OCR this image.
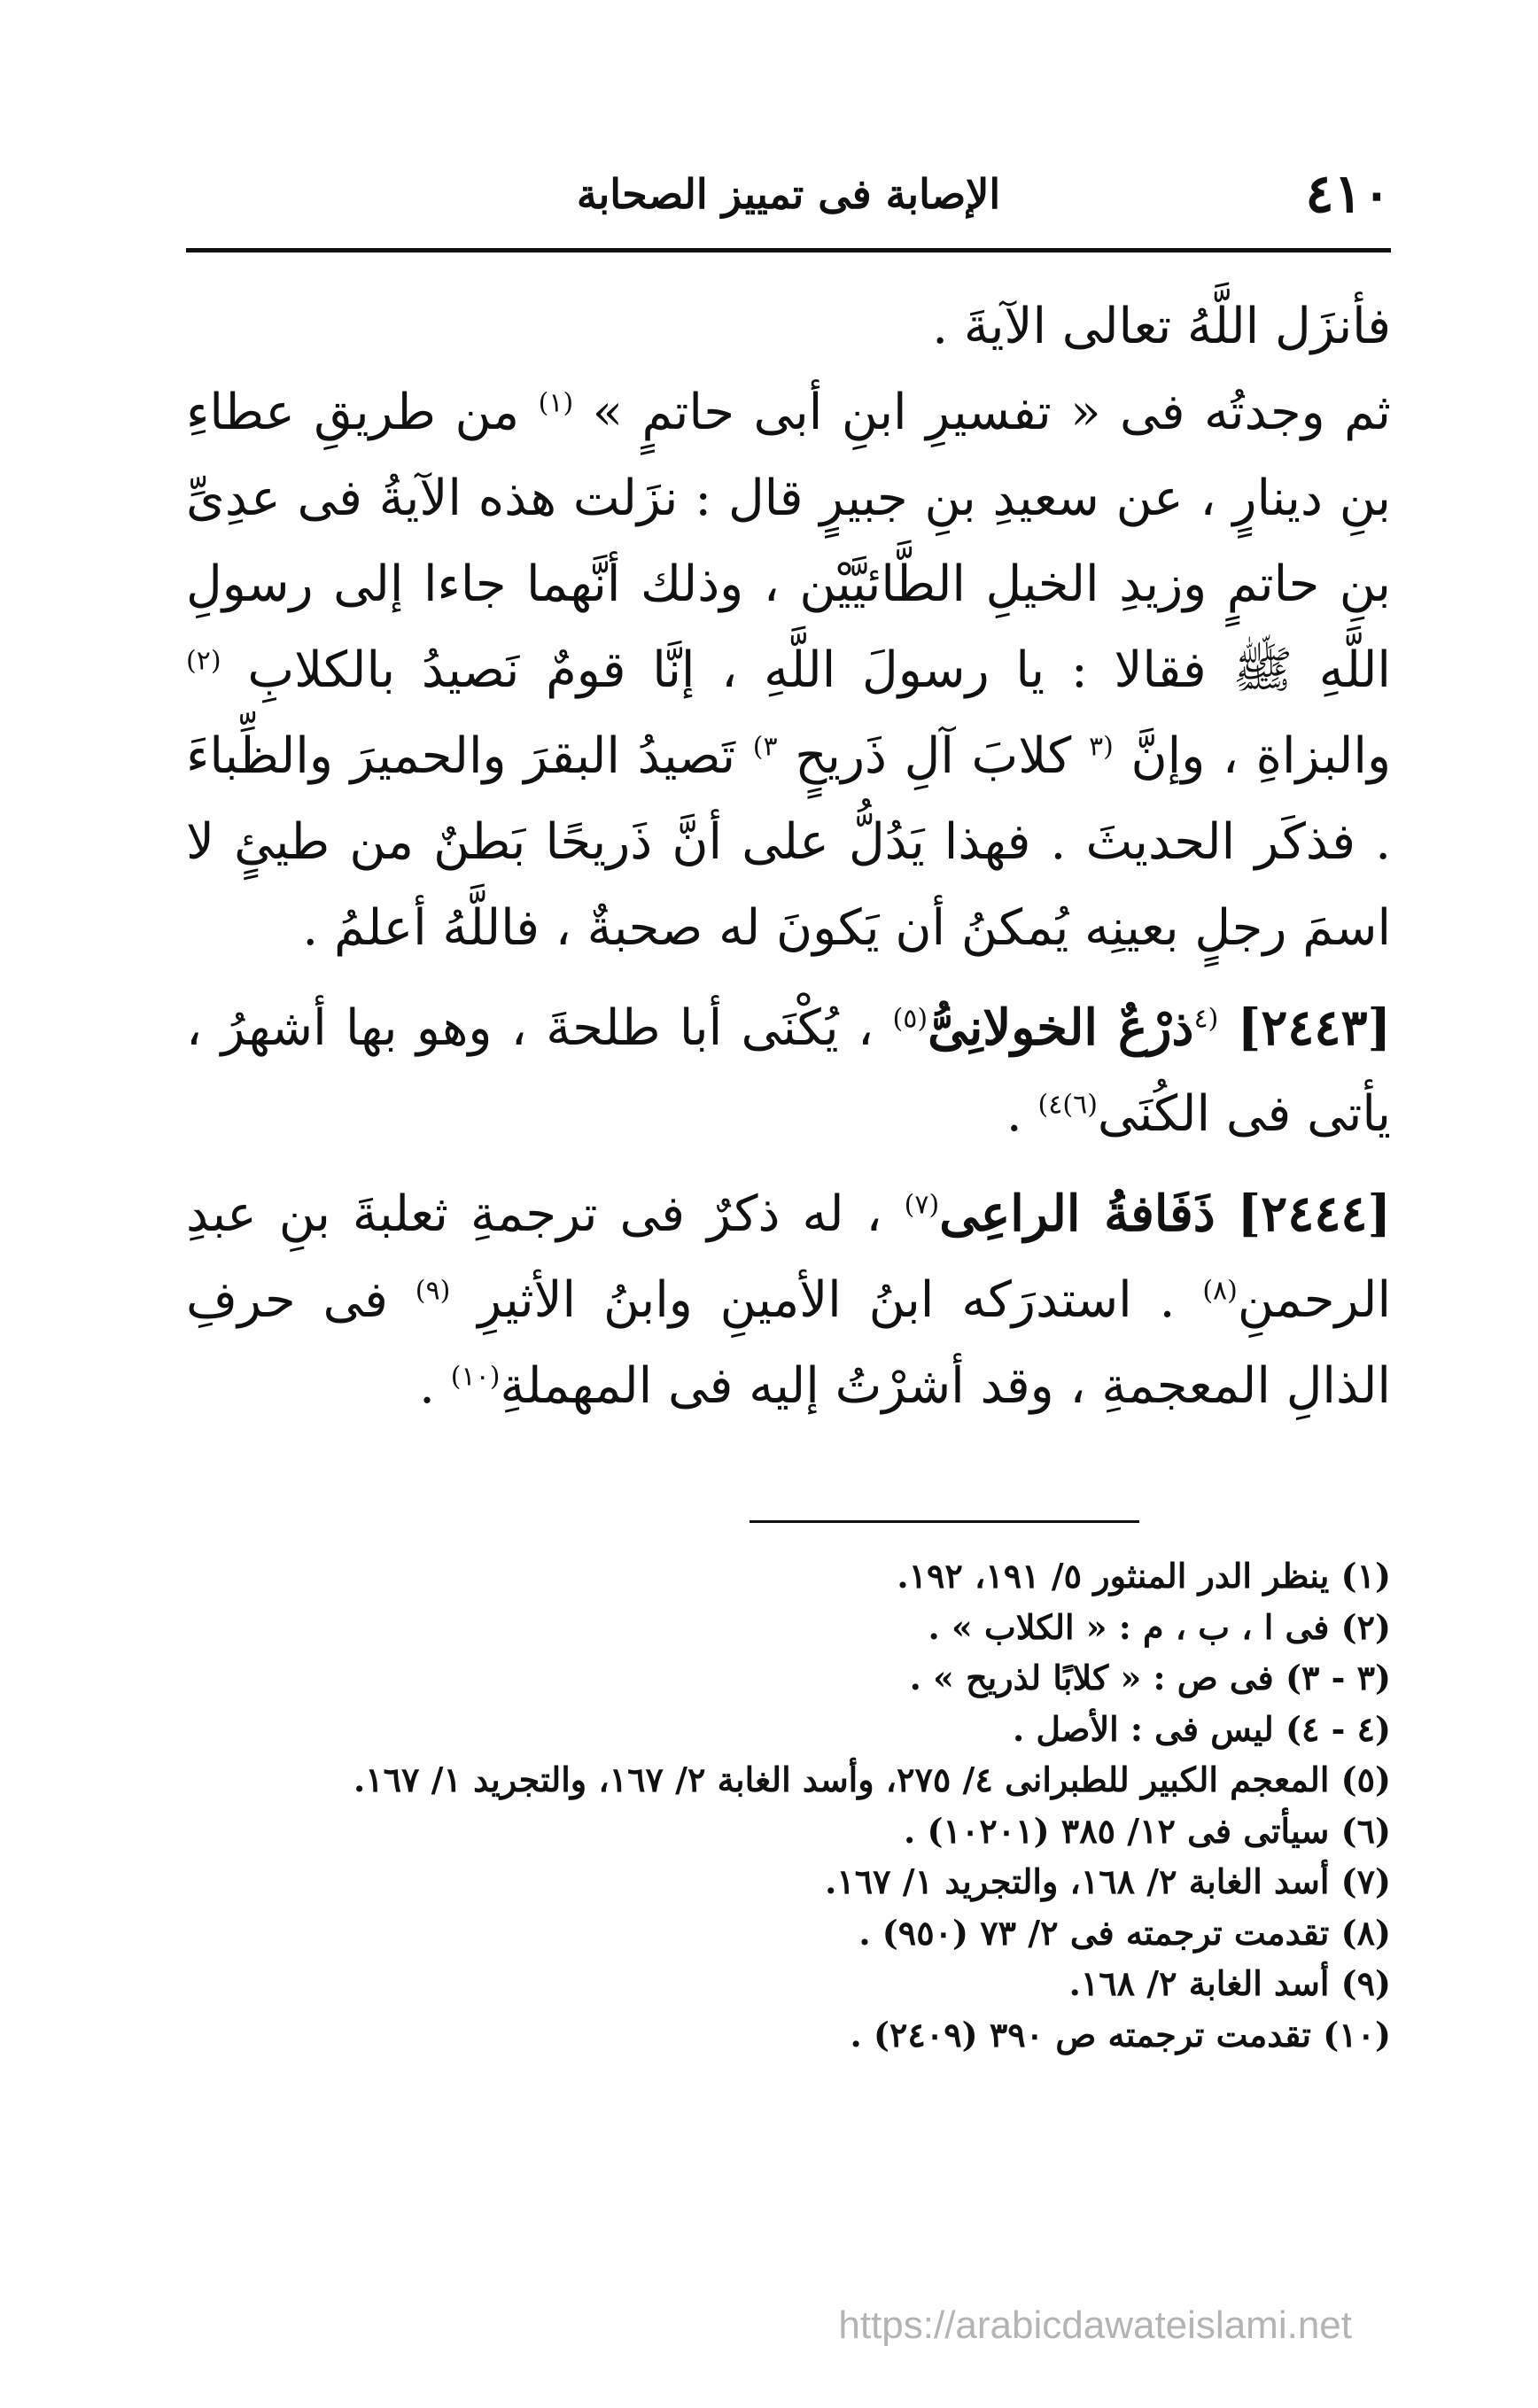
٤١٠
الإصابة فى تمييز الصحابة

فأنزَل اللَّهُ تعالى الآيةَ .

ثم وجدتُه فى « تفسيرِ ابنِ أبى حاتمٍ » $^{(١)}$ من طريقِ عطاءِ بنِ دينارٍ ، عن سعيدِ بنِ جبيرٍ قال : نزَلت هذه الآيةُ فى عدِىِّ بنِ حاتمٍ وزيدِ الخيلِ الطَّائيَّيْن ، وذلك أنَّهما جاءا إلى رسولِ اللَّهِ ﷺ فقالا : يا رسولَ اللَّهِ ، إنَّا قومٌ نَصيدُ بالكلابِ $^{(٢)}$ والبزاةِ ، وإنَّ $^{(٣}$ كلابَ آلِ ذَريحٍ $^{٣)}$ تَصيدُ البقرَ والحميرَ والظِّباءَ . فذكَر الحديثَ . فهذا يَدُلُّ على أنَّ ذَريحًا بَطنٌ من طيئٍ لا اسمَ رجلٍ بعينِه يُمكنُ أن يَكونَ له صحبةٌ ، فاللَّهُ أعلمُ .

[٢٤٤٣] $^{(٤}$ذرْعٌ الخولانِىُّ$^{(٥)}$ ، يُكْنَى أبا طلحةَ ، وهو بها أشهرُ ، يأتى فى الكُنَى$^{(٦)٤)}$ .

[٢٤٤٤] ذَفَافةُ الراعِى$^{(٧)}$ ، له ذكرٌ فى ترجمةِ ثعلبةَ بنِ عبدِ الرحمنِ$^{(٨)}$ . استدرَكه ابنُ الأمينِ وابنُ الأثيرِ $^{(٩)}$ فى حرفِ الذالِ المعجمةِ ، وقد أشرْتُ إليه فى المهملةِ$^{(١٠)}$ .

(١) ينظر الدر المنثور ٥/ ١٩١، ١٩٢.
(٢) فى ا ، ب ، م : « الكلاب » .
(٣ - ٣) فى ص : « كلابًا لذريح » .
(٤ - ٤) ليس فى : الأصل .
(٥) المعجم الكبير للطبرانى ٤/ ٢٧٥، وأسد الغابة ٢/ ١٦٧، والتجريد ١/ ١٦٧.
(٦) سيأتى فى ١٢/ ٣٨٥ (١٠٢٠١) .
(٧) أسد الغابة ٢/ ١٦٨، والتجريد ١/ ١٦٧.
(٨) تقدمت ترجمته فى ٢/ ٧٣ (٩٥٠) .
(٩) أسد الغابة ٢/ ١٦٨.
(١٠) تقدمت ترجمته ص ٣٩٠ (٢٤٠٩) .
https://arabicdawateislami.net
